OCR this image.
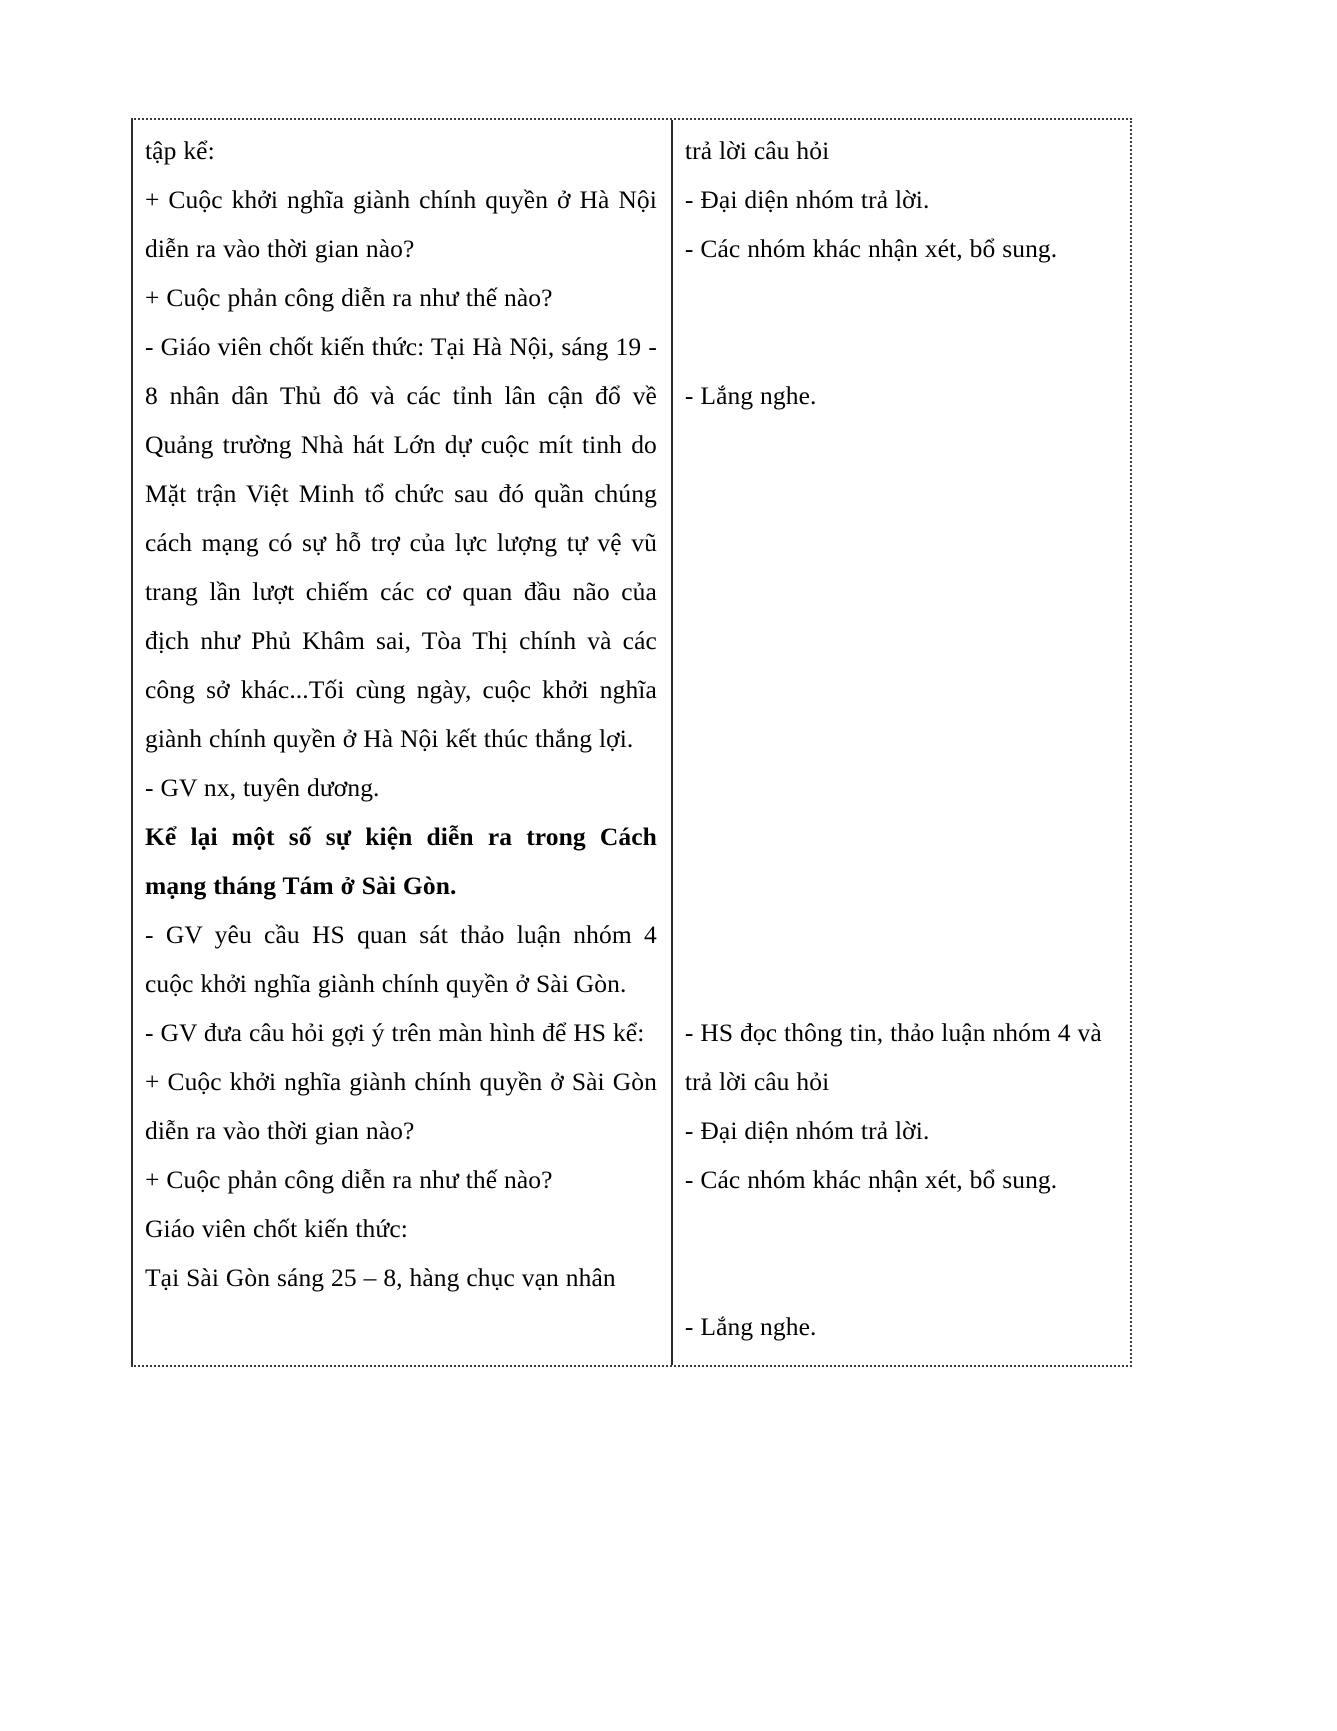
tập kể:

+ Cuộc khởi nghĩa giành chính quyền ở Hà Nội diễn ra vào thời gian nào?

+ Cuộc phản công diễn ra như thế nào?

- Giáo viên chốt kiến thức: Tại Hà Nội, sáng 19 - 8 nhân dân Thủ đô và các tỉnh lân cận đổ về Quảng trường Nhà hát Lớn dự cuộc mít tinh do Mặt trận Việt Minh tổ chức sau đó quần chúng cách mạng có sự hỗ trợ của lực lượng tự vệ vũ trang lần lượt chiếm các cơ quan đầu não của địch như Phủ Khâm sai, Tòa Thị chính và các công sở khác...Tối cùng ngày, cuộc khởi nghĩa giành chính quyền ở Hà Nội kết thúc thắng lợi.

- GV nx, tuyên dương.

Kể lại một số sự kiện diễn ra trong Cách mạng tháng Tám ở Sài Gòn.

- GV yêu cầu HS quan sát thảo luận nhóm 4 cuộc khởi nghĩa giành chính quyền ở Sài Gòn.

- GV đưa câu hỏi gợi ý trên màn hình để HS kể:

+ Cuộc khởi nghĩa giành chính quyền ở Sài Gòn diễn ra vào thời gian nào?

+ Cuộc phản công diễn ra như thế nào?

Giáo viên chốt kiến thức:

Tại Sài Gòn sáng 25 – 8, hàng chục vạn nhân

trả lời câu hỏi

- Đại diện nhóm trả lời.

- Các nhóm khác nhận xét, bổ sung.

- Lắng nghe.

- HS đọc thông tin, thảo luận nhóm 4 và trả lời câu hỏi

- Đại diện nhóm trả lời.

- Các nhóm khác nhận xét, bổ sung.

- Lắng nghe.
